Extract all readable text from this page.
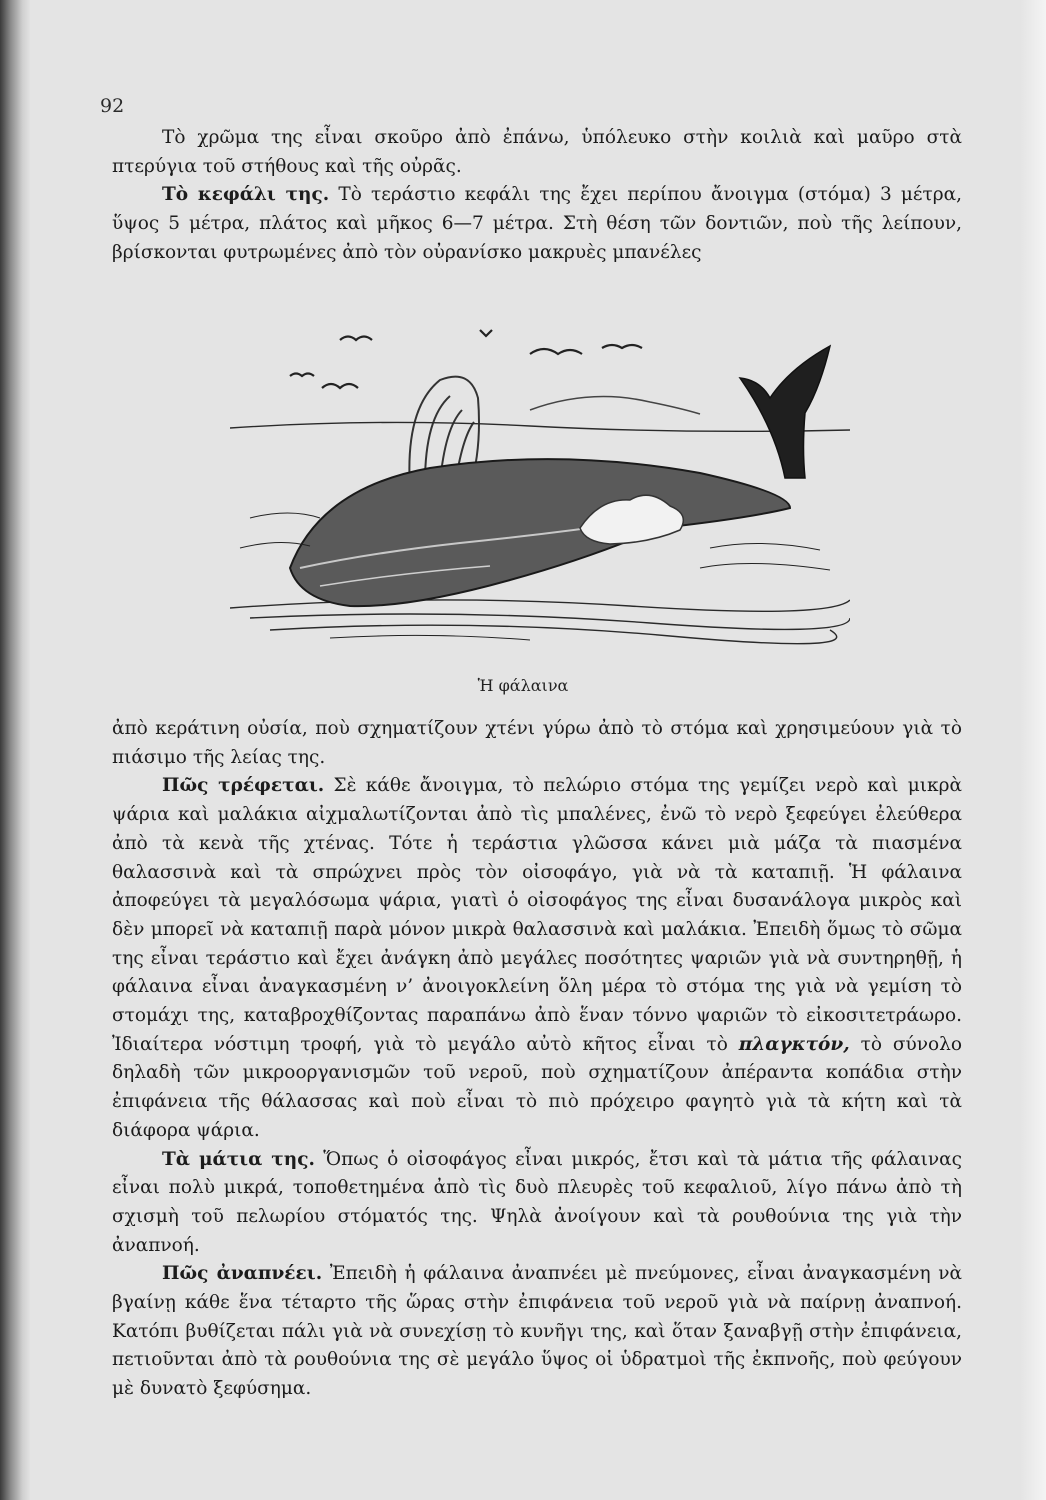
92

Τὸ χρῶμα της εἶναι σκοῦρο ἀπὸ ἐπάνω, ὑπόλευκο στὴν κοιλιὰ καὶ μαῦρο στὰ πτερύγια τοῦ στήθους καὶ τῆς οὐρᾶς.

Τὸ κεφάλι της. Τὸ τεράστιο κεφάλι της ἔχει περίπου ἄνοιγμα (στόμα) 3 μέτρα, ὕψος 5 μέτρα, πλάτος καὶ μῆκος 6—7 μέτρα. Στὴ θέση τῶν δοντιῶν, ποὺ τῆς λείπουν, βρίσκονται φυτρωμένες ἀπὸ τὸν οὐρανίσκο μακρυὲς μπανέλες

Ἡ φάλαινα

ἀπὸ κεράτινη οὐσία, ποὺ σχηματίζουν χτένι γύρω ἀπὸ τὸ στόμα καὶ χρησιμεύουν γιὰ τὸ πιάσιμο τῆς λείας της.

Πῶς τρέφεται. Σὲ κάθε ἄνοιγμα, τὸ πελώριο στόμα της γεμίζει νερὸ καὶ μικρὰ ψάρια καὶ μαλάκια αἰχμαλωτίζονται ἀπὸ τὶς μπαλένες, ἐνῶ τὸ νερὸ ξεφεύγει ἐλεύθερα ἀπὸ τὰ κενὰ τῆς χτένας. Τότε ἡ τεράστια γλῶσσα κάνει μιὰ μάζα τὰ πιασμένα θαλασσινὰ καὶ τὰ σπρώχνει πρὸς τὸν οἰσοφάγο, γιὰ νὰ τὰ καταπιῇ. Ἡ φάλαινα ἀποφεύγει τὰ μεγαλόσωμα ψάρια, γιατὶ ὁ οἰσοφάγος της εἶναι δυσανάλογα μικρὸς καὶ δὲν μπορεῖ νὰ καταπιῇ παρὰ μόνον μικρὰ θαλασσινὰ καὶ μαλάκια. Ἐπειδὴ ὅμως τὸ σῶμα της εἶναι τεράστιο καὶ ἔχει ἀνάγκη ἀπὸ μεγάλες ποσότητες ψαριῶν γιὰ νὰ συντηρηθῇ, ἡ φάλαινα εἶναι ἀναγκασμένη ν’ ἀνοιγοκλείνη ὅλη μέρα τὸ στόμα της γιὰ νὰ γεμίση τὸ στομάχι της, καταβροχθίζοντας παραπάνω ἀπὸ ἕναν τόννο ψαριῶν τὸ εἰκοσιτετράωρο. Ἰδιαίτερα νόστιμη τροφή, γιὰ τὸ μεγάλο αὐτὸ κῆτος εἶναι τὸ πλαγκτόν, τὸ σύνολο δηλαδὴ τῶν μικροοργανισμῶν τοῦ νεροῦ, ποὺ σχηματίζουν ἀπέραντα κοπάδια στὴν ἐπιφάνεια τῆς θάλασσας καὶ ποὺ εἶναι τὸ πιὸ πρόχειρο φαγητὸ γιὰ τὰ κήτη καὶ τὰ διάφορα ψάρια.

Τὰ μάτια της. Ὅπως ὁ οἰσοφάγος εἶναι μικρός, ἔτσι καὶ τὰ μάτια τῆς φάλαινας εἶναι πολὺ μικρά, τοποθετημένα ἀπὸ τὶς δυὸ πλευρὲς τοῦ κεφαλιοῦ, λίγο πάνω ἀπὸ τὴ σχισμὴ τοῦ πελωρίου στόματός της. Ψηλὰ ἀνοίγουν καὶ τὰ ρουθούνια της γιὰ τὴν ἀναπνοή.

Πῶς ἀναπνέει. Ἐπειδὴ ἡ φάλαινα ἀναπνέει μὲ πνεύμονες, εἶναι ἀναγκασμένη νὰ βγαίνῃ κάθε ἕνα τέταρτο τῆς ὥρας στὴν ἐπιφάνεια τοῦ νεροῦ γιὰ νὰ παίρνῃ ἀναπνοή. Κατόπι βυθίζεται πάλι γιὰ νὰ συνεχίσῃ τὸ κυνῆγι της, καὶ ὅταν ξαναβγῇ στὴν ἐπιφάνεια, πετιοῦνται ἀπὸ τὰ ρουθούνια της σὲ μεγάλο ὕψος οἱ ὑδρατμοὶ τῆς ἐκπνοῆς, ποὺ φεύγουν μὲ δυνατὸ ξεφύσημα.
